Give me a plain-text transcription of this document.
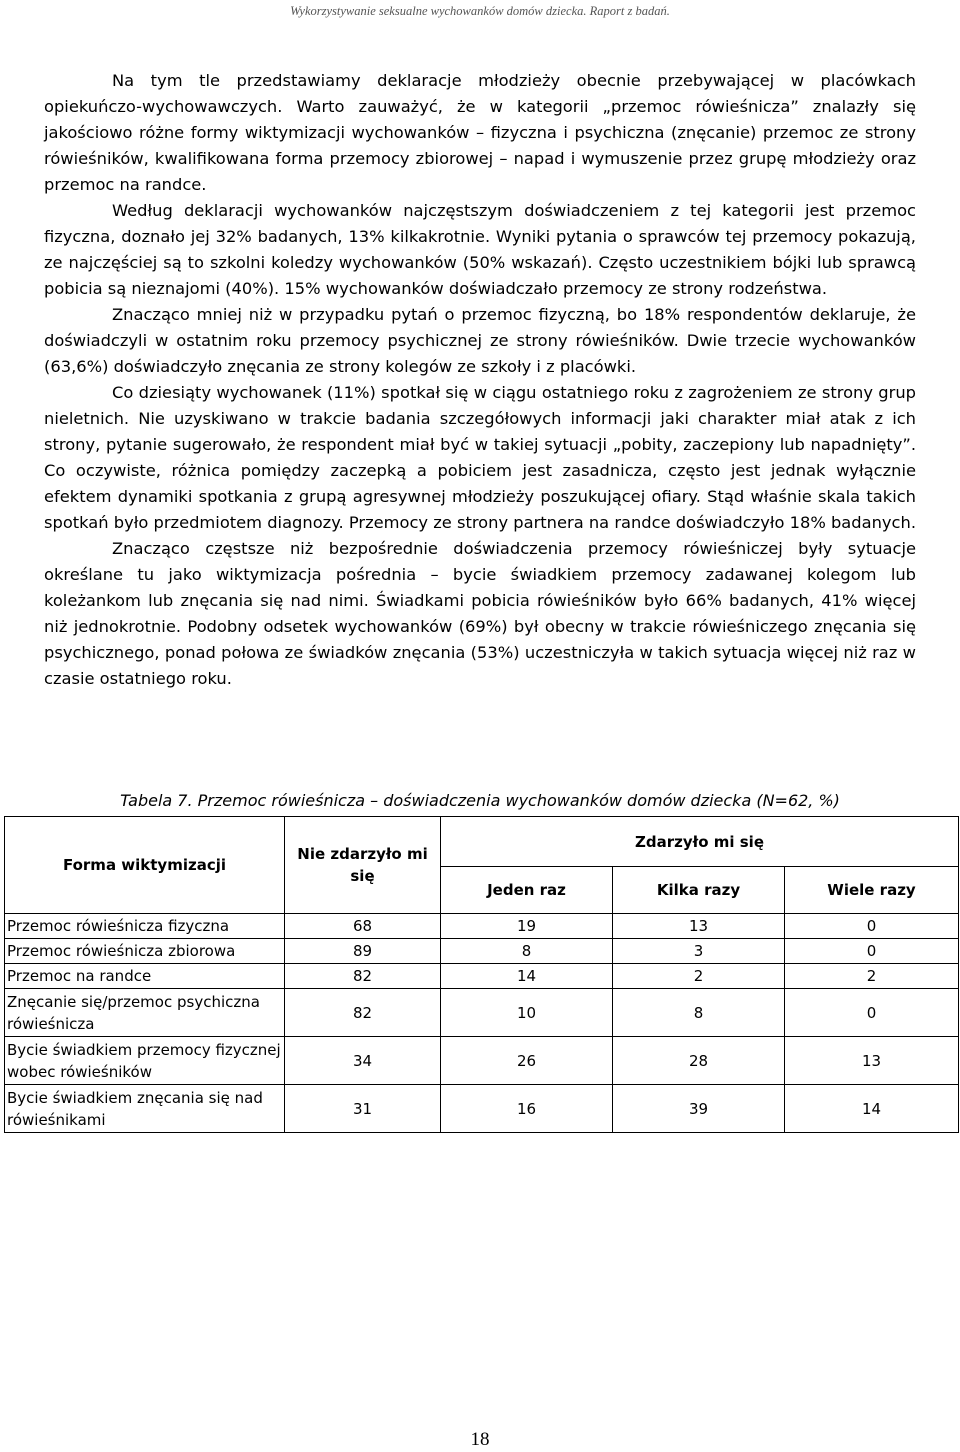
Wykorzystywanie seksualne wychowanków domów dziecka. Raport z badań.

Na tym tle przedstawiamy deklaracje młodzieży obecnie przebywającej w placówkach opiekuńczo-wychowawczych. Warto zauważyć, że w kategorii „przemoc rówieśnicza” znalazły się jakościowo różne formy wiktymizacji wychowanków – fizyczna i psychiczna (znęcanie) przemoc ze strony rówieśników, kwalifikowana forma przemocy zbiorowej – napad i wymuszenie przez grupę młodzieży oraz przemoc na randce.

Według deklaracji wychowanków najczęstszym doświadczeniem z tej kategorii jest przemoc fizyczna, doznało jej 32% badanych, 13% kilkakrotnie. Wyniki pytania o sprawców tej przemocy pokazują, ze najczęściej są to szkolni koledzy wychowanków (50% wskazań). Często uczestnikiem bójki lub sprawcą pobicia są nieznajomi (40%). 15% wychowanków doświadczało przemocy ze strony rodzeństwa.

Znacząco mniej niż w przypadku pytań o przemoc fizyczną, bo 18% respondentów deklaruje, że doświadczyli w ostatnim roku przemocy psychicznej ze strony rówieśników. Dwie trzecie wychowanków (63,6%) doświadczyło znęcania ze strony kolegów ze szkoły i z placówki.

Co dziesiąty wychowanek (11%) spotkał się w ciągu ostatniego roku z zagrożeniem ze strony grup nieletnich. Nie uzyskiwano w trakcie badania szczegółowych informacji jaki charakter miał atak z ich strony, pytanie sugerowało, że respondent miał być w takiej sytuacji „pobity, zaczepiony lub napadnięty”. Co oczywiste, różnica pomiędzy zaczepką a pobiciem jest zasadnicza, często jest jednak wyłącznie efektem dynamiki spotkania z grupą agresywnej młodzieży poszukującej ofiary. Stąd właśnie skala takich spotkań było przedmiotem diagnozy. Przemocy ze strony partnera na randce doświadczyło 18% badanych.

Znacząco częstsze niż bezpośrednie doświadczenia przemocy rówieśniczej były sytuacje określane tu jako wiktymizacja pośrednia – bycie świadkiem przemocy zadawanej kolegom lub koleżankom lub znęcania się nad nimi. Świadkami pobicia rówieśników było 66% badanych, 41% więcej niż jednokrotnie. Podobny odsetek wychowanków (69%) był obecny w trakcie rówieśniczego znęcania się psychicznego, ponad połowa ze świadków znęcania (53%) uczestniczyła w takich sytuacja więcej niż raz w czasie ostatniego roku.

Tabela 7. Przemoc rówieśnicza – doświadczenia wychowanków domów dziecka (N=62, %)
Forma wiktymizacji	Nie zdarzyło mi się	Zdarzyło mi się		
		Jeden raz	Kilka razy	Wiele razy
Przemoc rówieśnicza fizyczna	68	19	13	0
Przemoc rówieśnicza zbiorowa	89	8	3	0
Przemoc na randce	82	14	2	2
Znęcanie się/przemoc psychiczna rówieśnicza	82	10	8	0
Bycie świadkiem przemocy fizycznej wobec rówieśników	34	26	28	13
Bycie świadkiem znęcania się nad rówieśnikami	31	16	39	14
18
